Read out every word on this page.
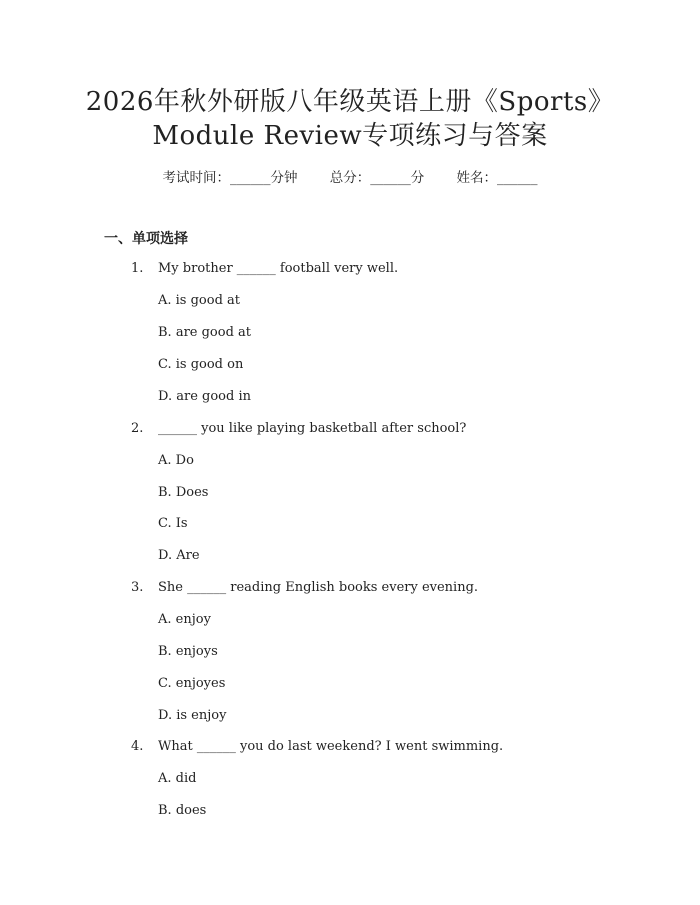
2026年秋外研版八年级英语上册《Sports》
Module Review专项练习与答案
考试时间：______分钟 总分：______分 姓名：______
一、单项选择
1. My brother ______ football very well.
A. is good at
B. are good at
C. is good on
D. are good in
2. ______ you like playing basketball after school?
A. Do
B. Does
C. Is
D. Are
3. She ______ reading English books every evening.
A. enjoy
B. enjoys
C. enjoyes
D. is enjoy
4. What ______ you do last weekend? I went swimming.
A. did
B. does
